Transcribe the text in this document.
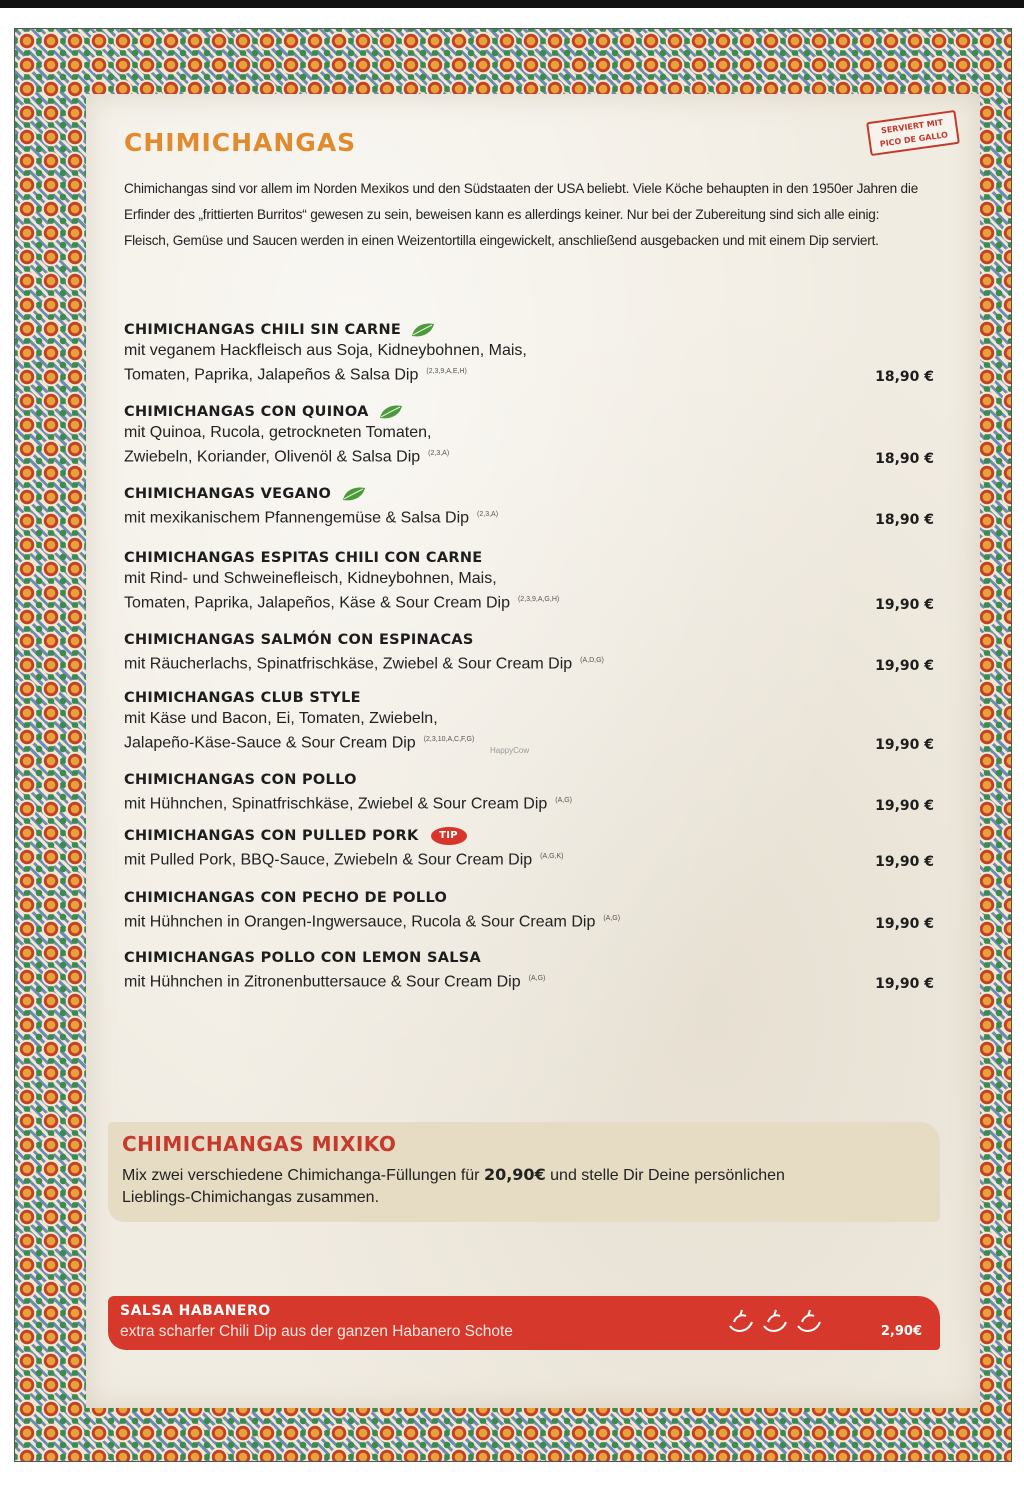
CHIMICHANGAS
SERVIERT MIT
PICO DE GALLO
Chimichangas sind vor allem im Norden Mexikos und den Südstaaten der USA beliebt. Viele Köche behaupten in den 1950er Jahren die
Erfinder des „frittierten Burritos“ gewesen zu sein, beweisen kann es allerdings keiner. Nur bei der Zubereitung sind sich alle einig:
Fleisch, Gemüse und Saucen werden in einen Weizentortilla eingewickelt, anschließend ausgebacken und mit einem Dip serviert.
CHIMICHANGAS CHILI SIN CARNE
mit veganem Hackfleisch aus Soja, Kidneybohnen, Mais,
Tomaten, Paprika, Jalapeños & Salsa Dip $^{(2,3,9,A,E,H)}$	18,90 €
CHIMICHANGAS CON QUINOA
mit Quinoa, Rucola, getrockneten Tomaten,
Zwiebeln, Koriander, Olivenöl & Salsa Dip $^{(2,3,A)}$	18,90 €
CHIMICHANGAS VEGANO
mit mexikanischem Pfannengemüse & Salsa Dip $^{(2,3,A)}$	18,90 €
CHIMICHANGAS ESPITAS CHILI CON CARNE
mit Rind- und Schweinefleisch, Kidneybohnen, Mais,
Tomaten, Paprika, Jalapeños, Käse & Sour Cream Dip $^{(2,3,9,A,G,H)}$	19,90 €
CHIMICHANGAS SALMÓN CON ESPINACAS
mit Räucherlachs, Spinatfrischkäse, Zwiebel & Sour Cream Dip $^{(A,D,G)}$	19,90 €
CHIMICHANGAS CLUB STYLE
mit Käse und Bacon, Ei, Tomaten, Zwiebeln,
Jalapeño-Käse-Sauce & Sour Cream Dip $^{(2,3,10,A,C,F,G)}$	19,90 €
HappyCow
CHIMICHANGAS CON POLLO
mit Hühnchen, Spinatfrischkäse, Zwiebel & Sour Cream Dip $^{(A,G)}$	19,90 €
CHIMICHANGAS CON PULLED PORK TIP
mit Pulled Pork, BBQ-Sauce, Zwiebeln & Sour Cream Dip $^{(A,G,K)}$	19,90 €
CHIMICHANGAS CON PECHO DE POLLO
mit Hühnchen in Orangen-Ingwersauce, Rucola & Sour Cream Dip $^{(A,G)}$	19,90 €
CHIMICHANGAS POLLO CON LEMON SALSA
mit Hühnchen in Zitronenbuttersauce & Sour Cream Dip $^{(A,G)}$	19,90 €
CHIMICHANGAS MIXIKO
Mix zwei verschiedene Chimichanga-Füllungen für 20,90€ und stelle Dir Deine persönlichen
Lieblings-Chimichangas zusammen.
SALSA HABANERO
extra scharfer Chili Dip aus der ganzen Habanero Schote	2,90€
